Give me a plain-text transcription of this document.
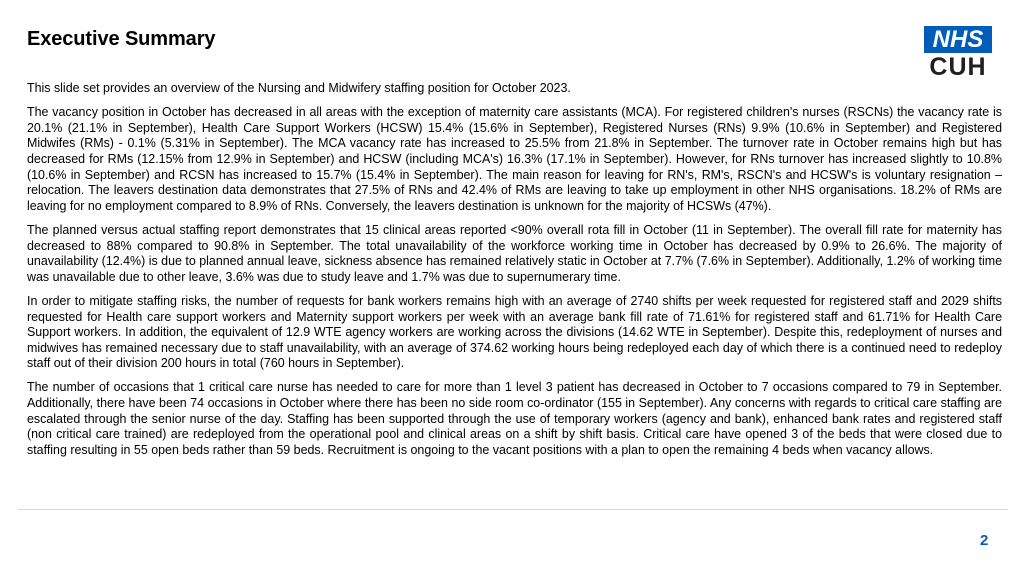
Executive Summary	NHS
CUH

This slide set provides an overview of the Nursing and Midwifery staffing position for October 2023.

The vacancy position in October has decreased in all areas with the exception of maternity care assistants (MCA). For registered children's nurses (RSCNs) the vacancy rate is 20.1% (21.1% in September), Health Care Support Workers (HCSW) 15.4% (15.6% in September), Registered Nurses (RNs) 9.9% (10.6% in September) and Registered Midwifes (RMs) - 0.1% (5.31% in September). The MCA vacancy rate has increased to 25.5% from 21.8% in September. The turnover rate in October remains high but has decreased for RMs (12.15% from 12.9% in September) and HCSW (including MCA's) 16.3% (17.1% in September). However, for RNs turnover has increased slightly to 10.8% (10.6% in September) and RCSN has increased to 15.7% (15.4% in September). The main reason for leaving for RN's, RM's, RSCN's and HCSW's is voluntary resignation – relocation. The leavers destination data demonstrates that 27.5% of RNs and 42.4% of RMs are leaving to take up employment in other NHS organisations. 18.2% of RMs are leaving for no employment compared to 8.9% of RNs. Conversely, the leavers destination is unknown for the majority of HCSWs (47%).

The planned versus actual staffing report demonstrates that 15 clinical areas reported <90% overall rota fill in October (11 in September). The overall fill rate for maternity has decreased to 88% compared to 90.8% in September. The total unavailability of the workforce working time in October has decreased by 0.9% to 26.6%. The majority of unavailability (12.4%) is due to planned annual leave, sickness absence has remained relatively static in October at 7.7% (7.6% in September). Additionally, 1.2% of working time was unavailable due to other leave, 3.6% was due to study leave and 1.7% was due to supernumerary time.

In order to mitigate staffing risks, the number of requests for bank workers remains high with an average of 2740 shifts per week requested for registered staff and 2029 shifts requested for Health care support workers and Maternity support workers per week with an average bank fill rate of 71.61% for registered staff and 61.71% for Health Care Support workers. In addition, the equivalent of 12.9 WTE agency workers are working across the divisions (14.62 WTE in September). Despite this, redeployment of nurses and midwives has remained necessary due to staff unavailability, with an average of 374.62 working hours being redeployed each day of which there is a continued need to redeploy staff out of their division 200 hours in total (760 hours in September).

The number of occasions that 1 critical care nurse has needed to care for more than 1 level 3 patient has decreased in October to 7 occasions compared to 79 in September. Additionally, there have been 74 occasions in October where there has been no side room co-ordinator (155 in September). Any concerns with regards to critical care staffing are escalated through the senior nurse of the day. Staffing has been supported through the use of temporary workers (agency and bank), enhanced bank rates and registered staff (non critical care trained) are redeployed from the operational pool and clinical areas on a shift by shift basis. Critical care have opened 3 of the beds that were closed due to staffing resulting in 55 open beds rather than 59 beds. Recruitment is ongoing to the vacant positions with a plan to open the remaining 4 beds when vacancy allows.

2
